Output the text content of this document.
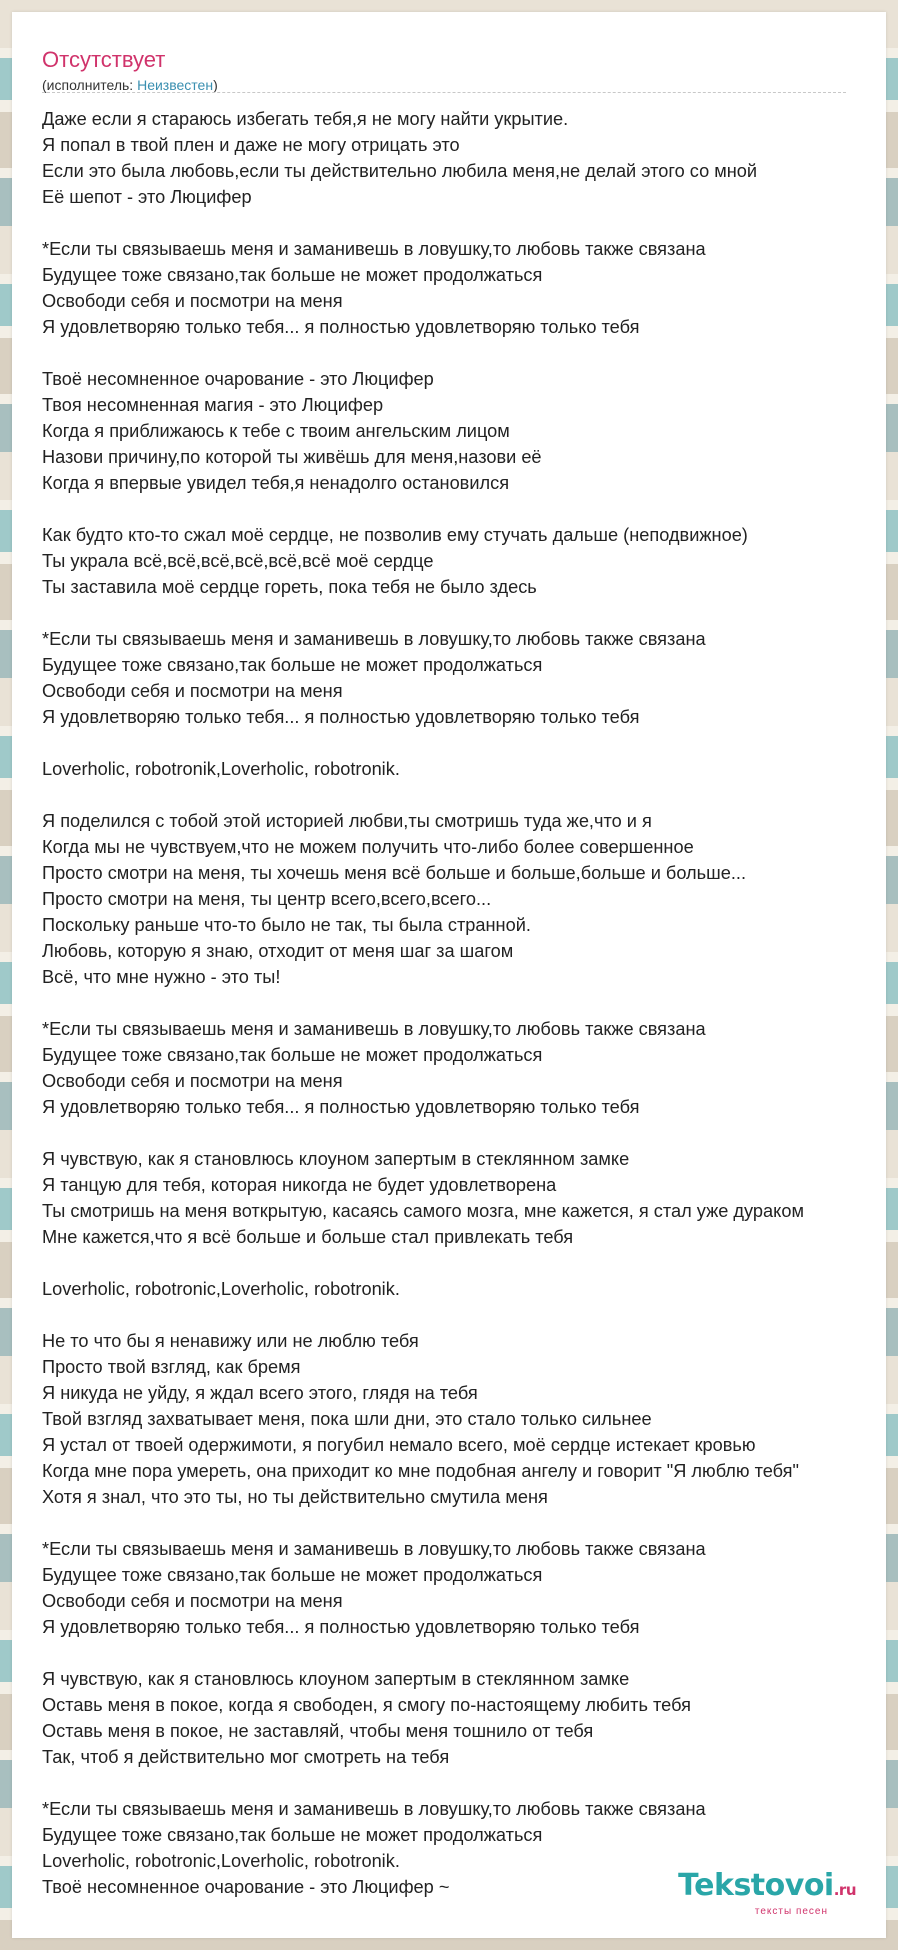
Отсутствует
(исполнитель: Неизвестен)
Даже если я стараюсь избегать тебя,я не могу найти укрытие.
Я попал в твой плен и даже не могу отрицать это
Если это была любовь,если ты действительно любила меня,не делай этого со мной
Её шепот - это Люцифер
*Если ты связываешь меня и заманивешь в ловушку,то любовь также связана
Будущее тоже связано,так больше не может продолжаться
Освободи себя и посмотри на меня
Я удовлетворяю только тебя... я полностью удовлетворяю только тебя
Твоё несомненное очарование - это Люцифер
Твоя несомненная магия - это Люцифер
Когда я приближаюсь к тебе с твоим ангельским лицом
Назови причину,по которой ты живёшь для меня,назови её
Когда я впервые увидел тебя,я ненадолго остановился
Как будто кто-то сжал моё сердце, не позволив ему стучать дальше (неподвижное)
Ты украла всё,всё,всё,всё,всё,всё моё сердце
Ты заставила моё сердце гореть, пока тебя не было здесь
*Если ты связываешь меня и заманивешь в ловушку,то любовь также связана
Будущее тоже связано,так больше не может продолжаться
Освободи себя и посмотри на меня
Я удовлетворяю только тебя... я полностью удовлетворяю только тебя
Loverholic, robotronik,Loverholic, robotronik.
Я поделился с тобой этой историей любви,ты смотришь туда же,что и я
Когда мы не чувствуем,что не можем получить что-либо более совершенное
Просто смотри на меня, ты хочешь меня всё больше и больше,больше и больше...
Просто смотри на меня, ты центр всего,всего,всего...
Поскольку раньше что-то было не так, ты была странной.
Любовь, которую я знаю, отходит от меня шаг за шагом
Всё, что мне нужно - это ты!
*Если ты связываешь меня и заманивешь в ловушку,то любовь также связана
Будущее тоже связано,так больше не может продолжаться
Освободи себя и посмотри на меня
Я удовлетворяю только тебя... я полностью удовлетворяю только тебя
Я чувствую, как я становлюсь клоуном запертым в стеклянном замке
Я танцую для тебя, которая никогда не будет удовлетворена
Ты смотришь на меня воткрытую, касаясь самого мозга, мне кажется, я стал уже дураком
Мне кажется,что я всё больше и больше стал привлекать тебя
Loverholic, robotronic,Loverholic, robotronik.
Не то что бы я ненавижу или не люблю тебя
Просто твой взгляд, как бремя
Я никуда не уйду, я ждал всего этого, глядя на тебя
Твой взгляд захватывает меня, пока шли дни, это стало только сильнее
Я устал от твоей одержимоти, я погубил немало всего, моё сердце истекает кровью
Когда мне пора умереть, она приходит ко мне подобная ангелу и говорит "Я люблю тебя"
Хотя я знал, что это ты, но ты действительно смутила меня
*Если ты связываешь меня и заманивешь в ловушку,то любовь также связана
Будущее тоже связано,так больше не может продолжаться
Освободи себя и посмотри на меня
Я удовлетворяю только тебя... я полностью удовлетворяю только тебя
Я чувствую, как я становлюсь клоуном запертым в стеклянном замке
Оставь меня в покое, когда я свободен, я смогу по-настоящему любить тебя
Оставь меня в покое, не заставляй, чтобы меня тошнило от тебя
Так, чтоб я действительно мог смотреть на тебя
*Если ты связываешь меня и заманивешь в ловушку,то любовь также связана
Будущее тоже связано,так больше не может продолжаться
Loverholic, robotronic,Loverholic, robotronik.
Твоё несомненное очарование - это Люцифер ~	Tekstovoi.ru
тексты песен
